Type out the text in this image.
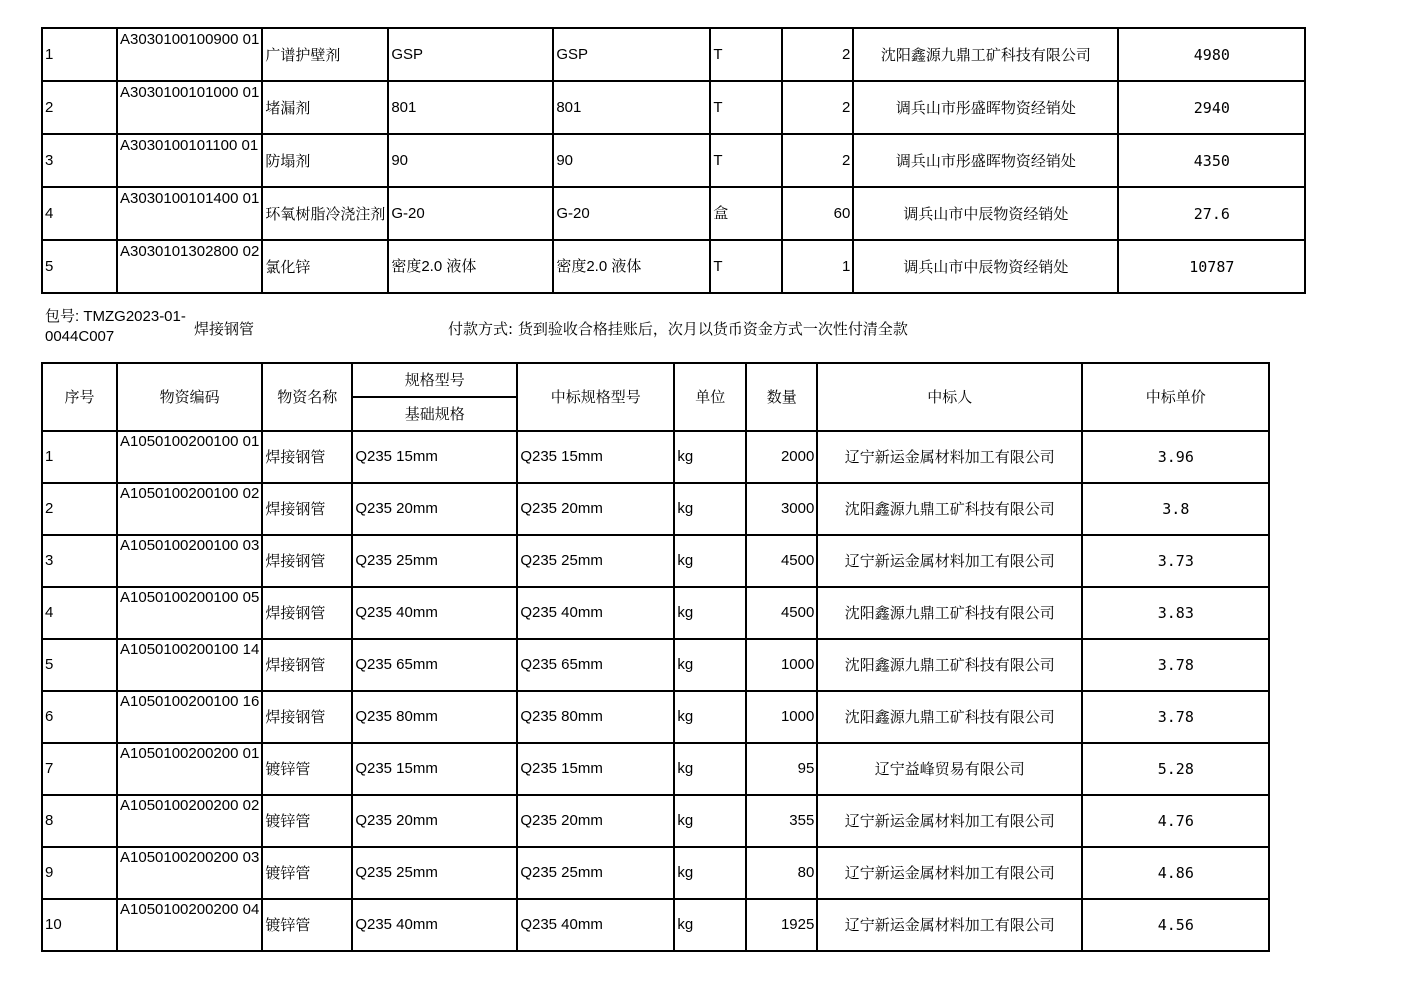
1	A3030100100900 01	广谱护壁剂	GSP	GSP	T	2	沈阳鑫源九鼎工矿科技有限公司	4980
2	A3030100101000 01	堵漏剂	801	801	T	2	调兵山市彤盛晖物资经销处	2940
3	A3030100101100 01	防塌剂	90	90	T	2	调兵山市彤盛晖物资经销处	4350
4	A3030100101400 01	环氧树脂冷浇注剂	G-20	G-20	盒	60	调兵山市中辰物资经销处	27.6
5	A3030101302800 02	氯化锌	密度2.0 液体	密度2.0 液体	T	1	调兵山市中辰物资经销处	10787
包号: TMZG2023-01-0044C007	焊接钢管	付款方式: 货到验收合格挂账后，次月以货币资金方式一次性付清全款
序号	物资编码	物资名称	规格型号	中标规格型号	单位	数量	中标人	中标单价
			基础规格					
1	A1050100200100 01	焊接钢管	Q235 15mm	Q235 15mm	kg	2000	辽宁新运金属材料加工有限公司	3.96
2	A1050100200100 02	焊接钢管	Q235 20mm	Q235 20mm	kg	3000	沈阳鑫源九鼎工矿科技有限公司	3.8
3	A1050100200100 03	焊接钢管	Q235 25mm	Q235 25mm	kg	4500	辽宁新运金属材料加工有限公司	3.73
4	A1050100200100 05	焊接钢管	Q235 40mm	Q235 40mm	kg	4500	沈阳鑫源九鼎工矿科技有限公司	3.83
5	A1050100200100 14	焊接钢管	Q235 65mm	Q235 65mm	kg	1000	沈阳鑫源九鼎工矿科技有限公司	3.78
6	A1050100200100 16	焊接钢管	Q235 80mm	Q235 80mm	kg	1000	沈阳鑫源九鼎工矿科技有限公司	3.78
7	A1050100200200 01	镀锌管	Q235 15mm	Q235 15mm	kg	95	辽宁益峰贸易有限公司	5.28
8	A1050100200200 02	镀锌管	Q235 20mm	Q235 20mm	kg	355	辽宁新运金属材料加工有限公司	4.76
9	A1050100200200 03	镀锌管	Q235 25mm	Q235 25mm	kg	80	辽宁新运金属材料加工有限公司	4.86
10	A1050100200200 04	镀锌管	Q235 40mm	Q235 40mm	kg	1925	辽宁新运金属材料加工有限公司	4.56
